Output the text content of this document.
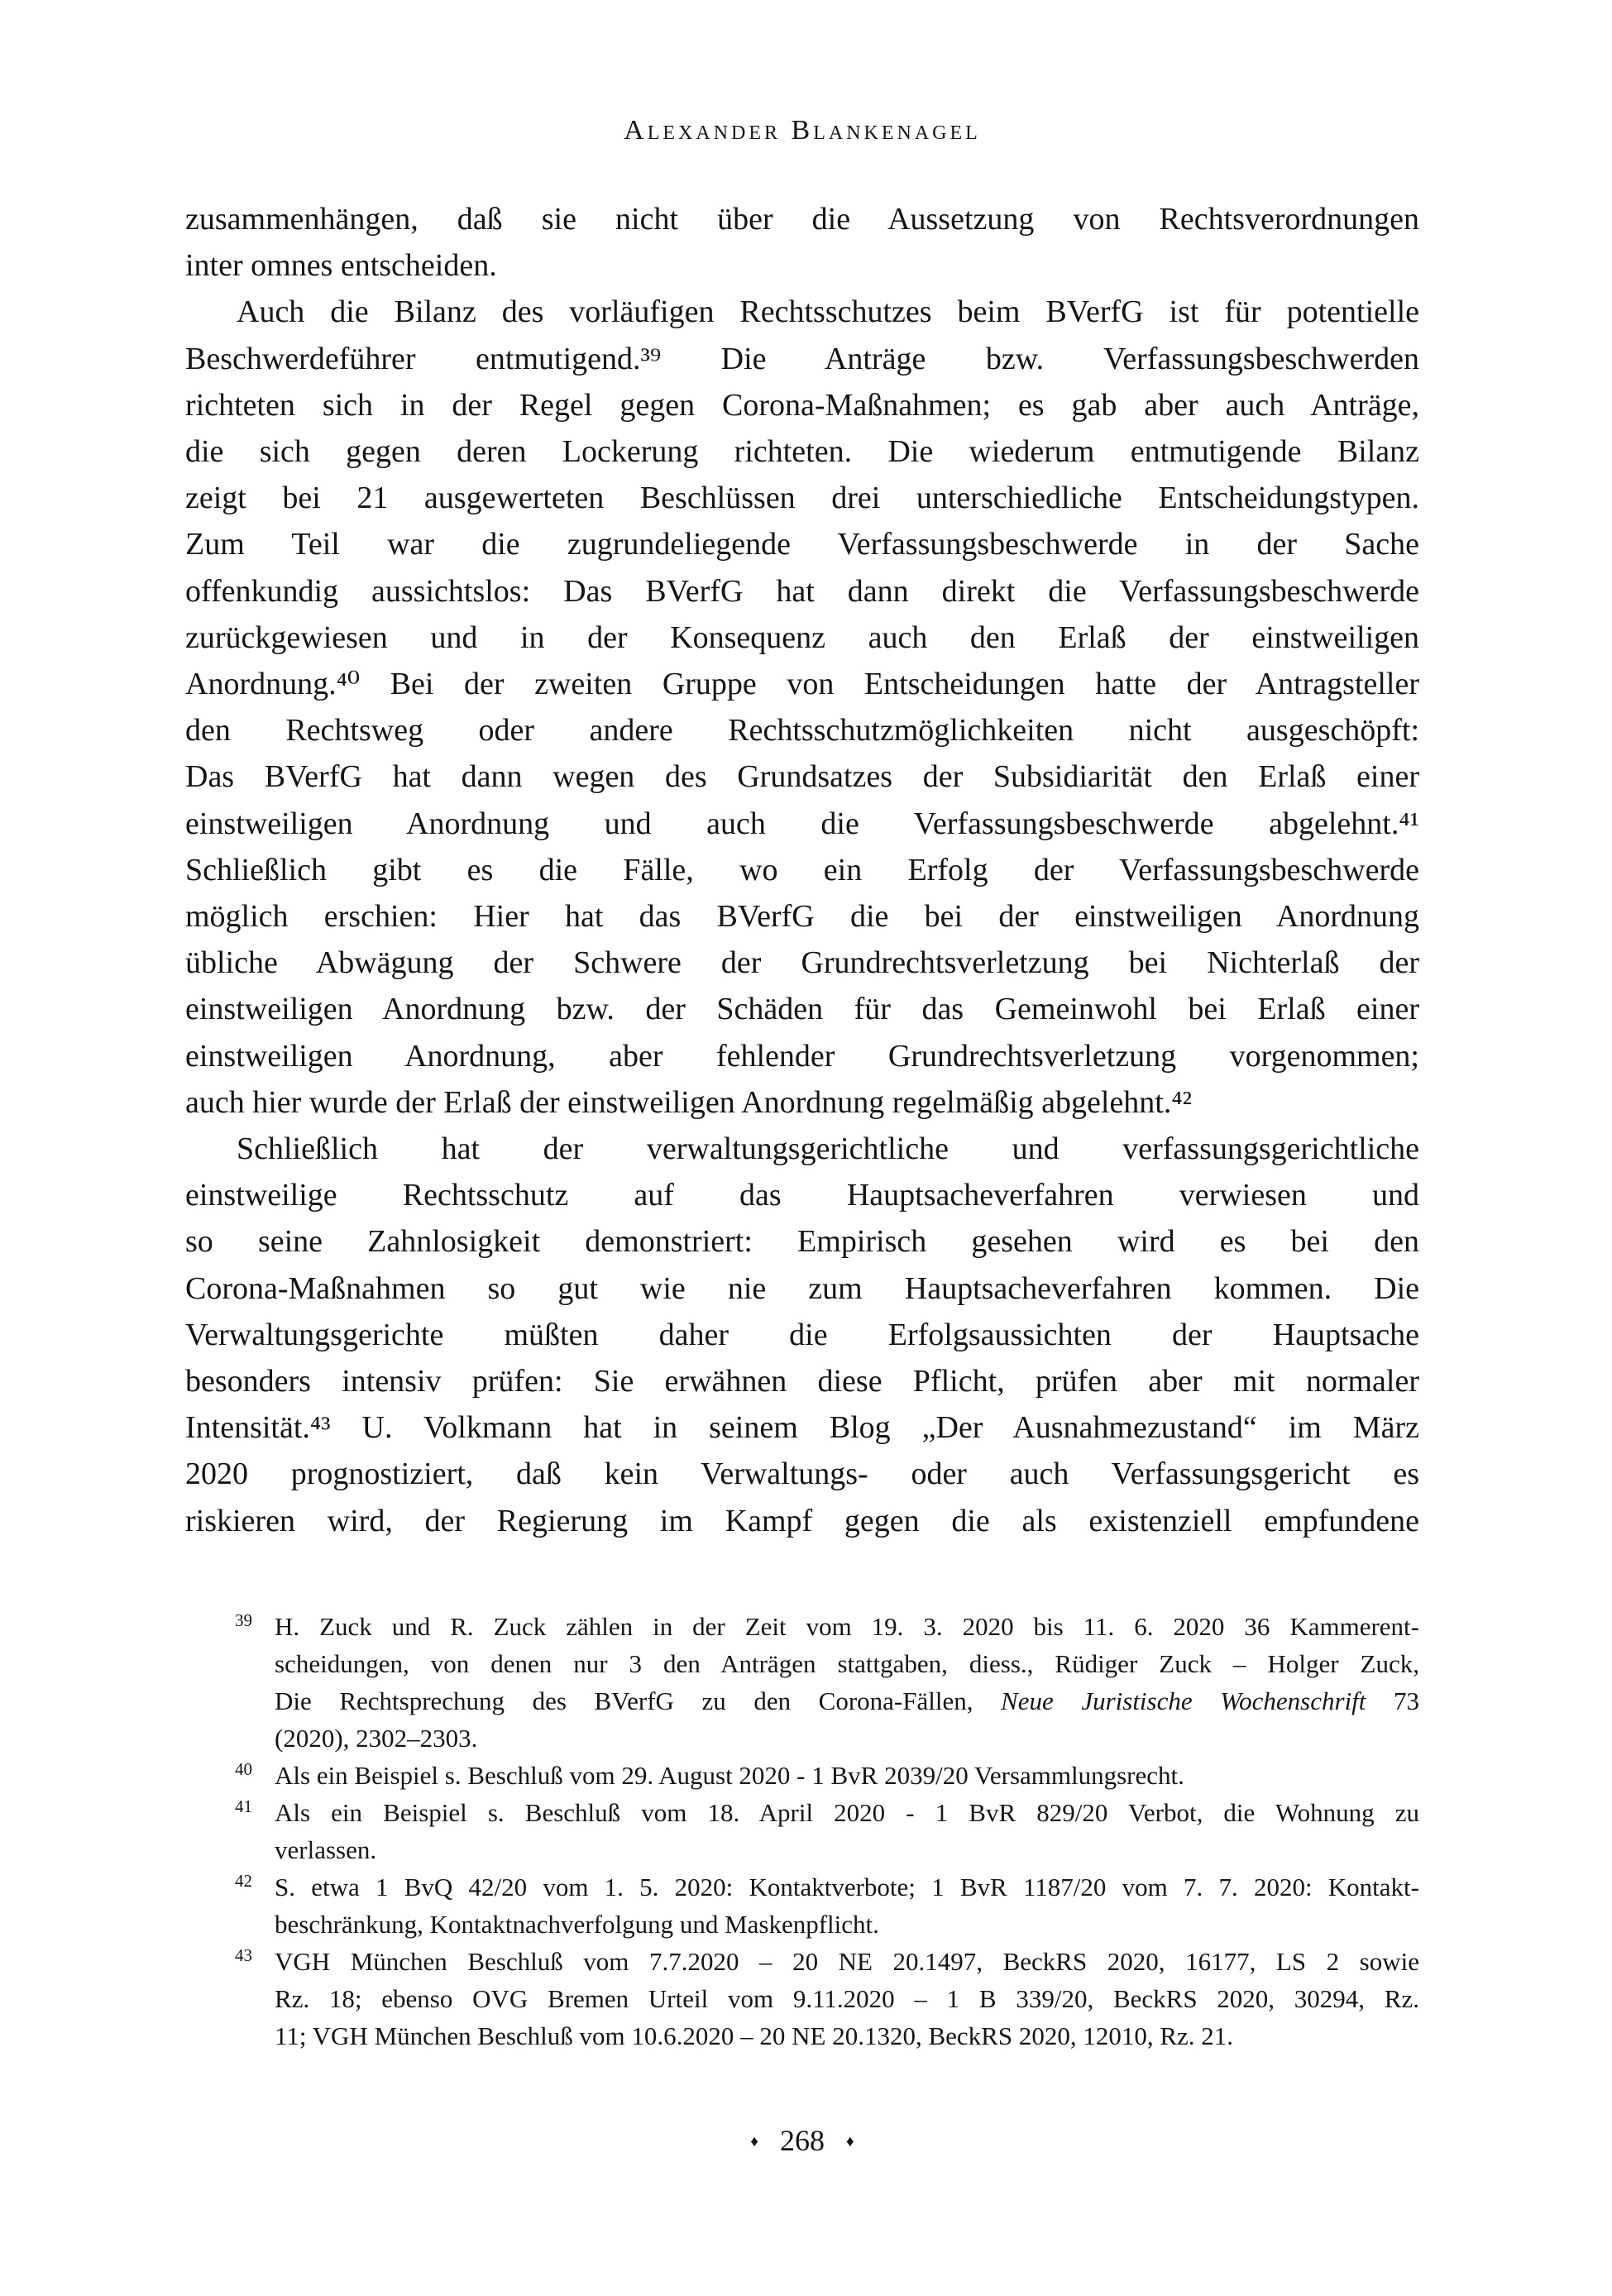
Alexander Blankenagel
zusammenhängen, daß sie nicht über die Aussetzung von Rechtsverordnungen
inter omnes entscheiden.
Auch die Bilanz des vorläufigen Rechtsschutzes beim BVerfG ist für potentielle
Beschwerdeführer entmutigend.³⁹ Die Anträge bzw. Verfassungsbeschwerden
richteten sich in der Regel gegen Corona-Maßnahmen; es gab aber auch Anträge,
die sich gegen deren Lockerung richteten. Die wiederum entmutigende Bilanz
zeigt bei 21 ausgewerteten Beschlüssen drei unterschiedliche Entscheidungstypen.
Zum Teil war die zugrundeliegende Verfassungsbeschwerde in der Sache
offenkundig aussichtslos: Das BVerfG hat dann direkt die Verfassungsbeschwerde
zurückgewiesen und in der Konsequenz auch den Erlaß der einstweiligen
Anordnung.⁴⁰ Bei der zweiten Gruppe von Entscheidungen hatte der Antragsteller
den Rechtsweg oder andere Rechtsschutzmöglichkeiten nicht ausgeschöpft:
Das BVerfG hat dann wegen des Grundsatzes der Subsidiarität den Erlaß einer
einstweiligen Anordnung und auch die Verfassungsbeschwerde abgelehnt.⁴¹
Schließlich gibt es die Fälle, wo ein Erfolg der Verfassungsbeschwerde
möglich erschien: Hier hat das BVerfG die bei der einstweiligen Anordnung
übliche Abwägung der Schwere der Grundrechtsverletzung bei Nichterlaß der
einstweiligen Anordnung bzw. der Schäden für das Gemeinwohl bei Erlaß einer
einstweiligen Anordnung, aber fehlender Grundrechtsverletzung vorgenommen;
auch hier wurde der Erlaß der einstweiligen Anordnung regelmäßig abgelehnt.⁴²
Schließlich hat der verwaltungsgerichtliche und verfassungsgerichtliche
einstweilige Rechtsschutz auf das Hauptsacheverfahren verwiesen und
so seine Zahnlosigkeit demonstriert: Empirisch gesehen wird es bei den
Corona-Maßnahmen so gut wie nie zum Hauptsacheverfahren kommen. Die
Verwaltungsgerichte müßten daher die Erfolgsaussichten der Hauptsache
besonders intensiv prüfen: Sie erwähnen diese Pflicht, prüfen aber mit normaler
Intensität.⁴³ U. Volkmann hat in seinem Blog „Der Ausnahmezustand“ im März
2020 prognostiziert, daß kein Verwaltungs- oder auch Verfassungsgericht es
riskieren wird, der Regierung im Kampf gegen die als existenziell empfundene
39 H. Zuck und R. Zuck zählen in der Zeit vom 19. 3. 2020 bis 11. 6. 2020 36 Kammerent-
scheidungen, von denen nur 3 den Anträgen stattgaben, diess., Rüdiger Zuck – Holger Zuck,
Die Rechtsprechung des BVerfG zu den Corona-Fällen, Neue Juristische Wochenschrift 73
(2020), 2302–2303.
40 Als ein Beispiel s. Beschluß vom 29. August 2020 - 1 BvR 2039/20 Versammlungsrecht.
41 Als ein Beispiel s. Beschluß vom 18. April 2020 - 1 BvR 829/20 Verbot, die Wohnung zu
verlassen.
42 S. etwa 1 BvQ 42/20 vom 1. 5. 2020: Kontaktverbote; 1 BvR 1187/20 vom 7. 7. 2020: Kontakt-
beschränkung, Kontaktnachverfolgung und Maskenpflicht.
43 VGH München Beschluß vom 7.7.2020 – 20 NE 20.1497, BeckRS 2020, 16177, LS 2 sowie
Rz. 18; ebenso OVG Bremen Urteil vom 9.11.2020 – 1 B 339/20, BeckRS 2020, 30294, Rz.
11; VGH München Beschluß vom 10.6.2020 – 20 NE 20.1320, BeckRS 2020, 12010, Rz. 21.
♦ 268 ♦
